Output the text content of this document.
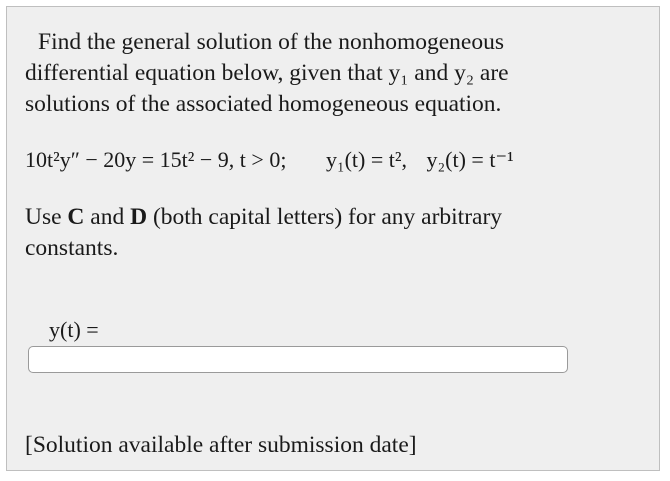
Find the general solution of the nonhomogeneous
differential equation below, given that y₁ and y₂ are solutions of the associated homogeneous equation.
10t²y″ − 20y = 15t² − 9, t > 0; y₁(t) = t², y₂(t) = t⁻¹
Use C and D (both capital letters) for any arbitrary constants.
y(t) =
[Solution available after submission date]
